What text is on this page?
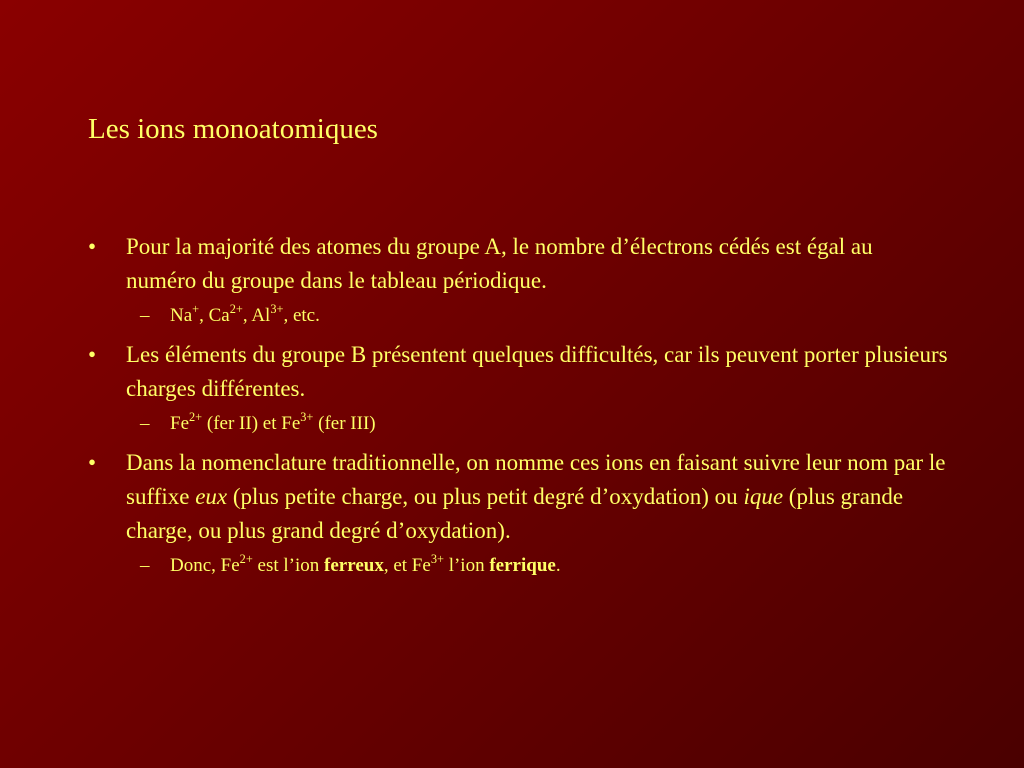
Les ions monoatomiques
•	Pour la majorité des atomes du groupe A, le nombre d’électrons cédés est égal au numéro du groupe dans le tableau périodique.
– Na+, $Ca^{2+}$, $Al^{3+}$, etc.
•	Les éléments du groupe B présentent quelques difficultés, car ils peuvent porter plusieurs charges différentes.
– $Fe^{2+}$ (fer II) et $Fe^{3+}$ (fer III)
•	Dans la nomenclature traditionnelle, on nomme ces ions en faisant suivre leur nom par le suffixe eux (plus petite charge, ou plus petit degré d’oxydation) ou ique (plus grande charge, ou plus grand degré d’oxydation).
– Donc, $Fe^{2+}$ est l’ion ferreux, et $Fe^{3+}$ l’ion ferrique.
